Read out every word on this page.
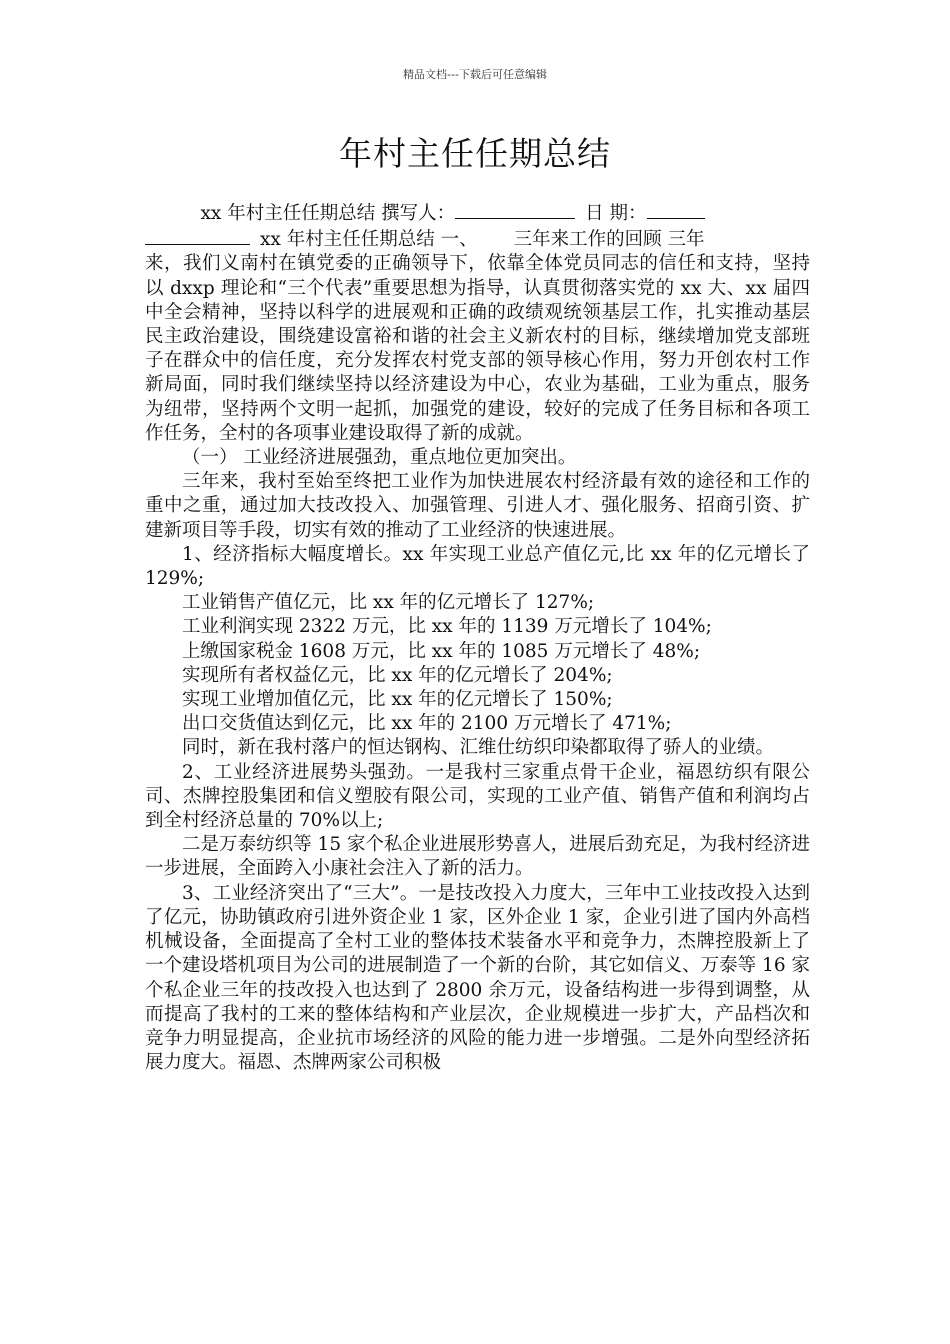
精品文档---下载后可任意编辑
年村主任任期总结

xx 年村主任任期总结 撰写人：	日 期：

xx 年村主任任期总结 一、 三年来工作的回顾 三年

来，我们义南村在镇党委的正确领导下，依靠全体党员同志的信任和支持，坚持以 dxxp 理论和“三个代表”重要思想为指导，认真贯彻落实党的 xx 大、xx 届四中全会精神，坚持以科学的进展观和正确的政绩观统领基层工作，扎实推动基层民主政治建设，围绕建设富裕和谐的社会主义新农村的目标，继续增加党支部班子在群众中的信任度，充分发挥农村党支部的领导核心作用，努力开创农村工作新局面，同时我们继续坚持以经济建设为中心，农业为基础，工业为重点，服务为纽带，坚持两个文明一起抓，加强党的建设，较好的完成了任务目标和各项工作任务，全村的各项事业建设取得了新的成就。

（一） 工业经济进展强劲，重点地位更加突出。

三年来，我村至始至终把工业作为加快进展农村经济最有效的途径和工作的重中之重，通过加大技改投入、加强管理、引进人才、强化服务、招商引资、扩建新项目等手段，切实有效的推动了工业经济的快速进展。

1、经济指标大幅度增长。xx 年实现工业总产值亿元,比 xx 年的亿元增长了 129%;

工业销售产值亿元，比 xx 年的亿元增长了 127%;

工业利润实现 2322 万元，比 xx 年的 1139 万元增长了 104%;

上缴国家税金 1608 万元，比 xx 年的 1085 万元增长了 48%;

实现所有者权益亿元，比 xx 年的亿元增长了 204%;

实现工业增加值亿元，比 xx 年的亿元增长了 150%;

出口交货值达到亿元，比 xx 年的 2100 万元增长了 471%;

同时，新在我村落户的恒达钢构、汇维仕纺织印染都取得了骄人的业绩。

2、工业经济进展势头强劲。一是我村三家重点骨干企业，福恩纺织有限公司、杰牌控股集团和信义塑胶有限公司，实现的工业产值、销售产值和利润均占到全村经济总量的 70%以上;

二是万泰纺织等 15 家个私企业进展形势喜人，进展后劲充足，为我村经济进一步进展，全面跨入小康社会注入了新的活力。

3、工业经济突出了“三大”。一是技改投入力度大，三年中工业技改投入达到了亿元，协助镇政府引进外资企业 1 家，区外企业 1 家，企业引进了国内外高档机械设备，全面提高了全村工业的整体技术装备水平和竞争力，杰牌控股新上了一个建设塔机项目为公司的进展制造了一个新的台阶，其它如信义、万泰等 16 家个私企业三年的技改投入也达到了 2800 余万元，设备结构进一步得到调整，从而提高了我村的工来的整体结构和产业层次，企业规模进一步扩大，产品档次和竞争力明显提高，企业抗市场经济的风险的能力进一步增强。二是外向型经济拓展力度大。福恩、杰牌两家公司积极
